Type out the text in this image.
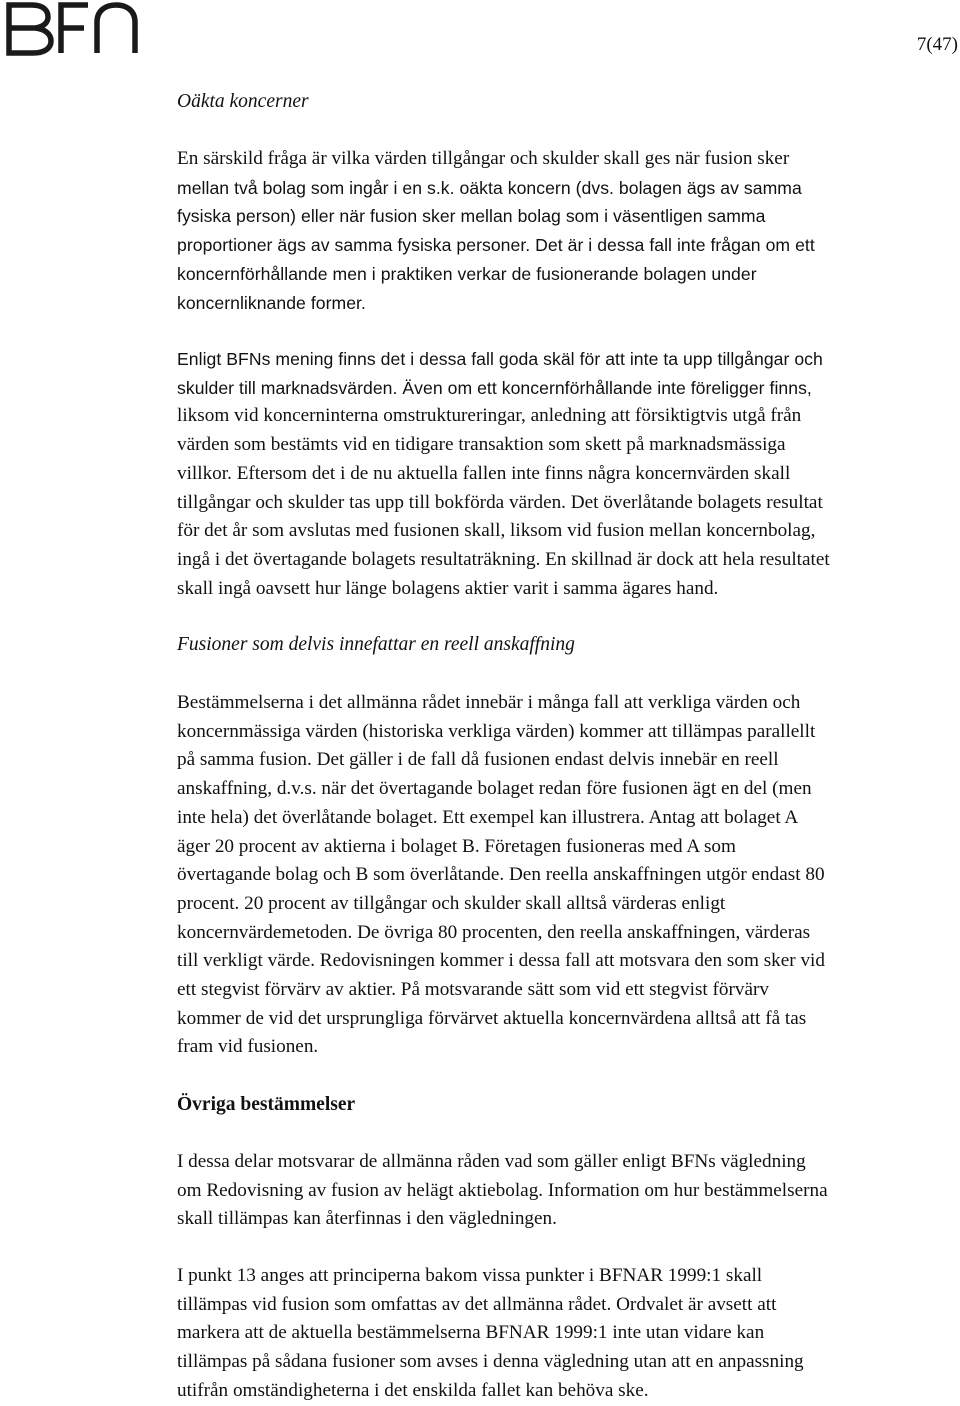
7(47)
Oäkta koncerner

En särskild fråga är vilka värden tillgångar och skulder skall ges när fusion sker
mellan två bolag som ingår i en s.k. oäkta koncern (dvs. bolagen ägs av samma
fysiska person) eller när fusion sker mellan bolag som i väsentligen samma
proportioner ägs av samma fysiska personer. Det är i dessa fall inte frågan om ett
koncernförhållande men i praktiken verkar de fusionerande bolagen under
koncernliknande former.

Enligt BFNs mening finns det i dessa fall goda skäl för att inte ta upp tillgångar och
skulder till marknadsvärden. Även om ett koncernförhållande inte föreligger finns,
liksom vid koncerninterna omstruktureringar, anledning att försiktigtvis utgå från
värden som bestämts vid en tidigare transaktion som skett på marknadsmässiga
villkor. Eftersom det i de nu aktuella fallen inte finns några koncernvärden skall
tillgångar och skulder tas upp till bokförda värden. Det överlåtande bolagets resultat
för det år som avslutas med fusionen skall, liksom vid fusion mellan koncernbolag,
ingå i det övertagande bolagets resultaträkning. En skillnad är dock att hela resultatet
skall ingå oavsett hur länge bolagens aktier varit i samma ägares hand.

Fusioner som delvis innefattar en reell anskaffning

Bestämmelserna i det allmänna rådet innebär i många fall att verkliga värden och
koncernmässiga värden (historiska verkliga värden) kommer att tillämpas parallellt
på samma fusion. Det gäller i de fall då fusionen endast delvis innebär en reell
anskaffning, d.v.s. när det övertagande bolaget redan före fusionen ägt en del (men
inte hela) det överlåtande bolaget. Ett exempel kan illustrera. Antag att bolaget A
äger 20 procent av aktierna i bolaget B. Företagen fusioneras med A som
övertagande bolag och B som överlåtande. Den reella anskaffningen utgör endast 80
procent. 20 procent av tillgångar och skulder skall alltså värderas enligt
koncernvärdemetoden. De övriga 80 procenten, den reella anskaffningen, värderas
till verkligt värde. Redovisningen kommer i dessa fall att motsvara den som sker vid
ett stegvist förvärv av aktier. På motsvarande sätt som vid ett stegvist förvärv
kommer de vid det ursprungliga förvärvet aktuella koncernvärdena alltså att få tas
fram vid fusionen.

Övriga bestämmelser

I dessa delar motsvarar de allmänna råden vad som gäller enligt BFNs vägledning
om Redovisning av fusion av helägt aktiebolag. Information om hur bestämmelserna
skall tillämpas kan återfinnas i den vägledningen.

I punkt 13 anges att principerna bakom vissa punkter i BFNAR 1999:1 skall
tillämpas vid fusion som omfattas av det allmänna rådet. Ordvalet är avsett att
markera att de aktuella bestämmelserna BFNAR 1999:1 inte utan vidare kan
tillämpas på sådana fusioner som avses i denna vägledning utan att en anpassning
utifrån omständigheterna i det enskilda fallet kan behöva ske.
